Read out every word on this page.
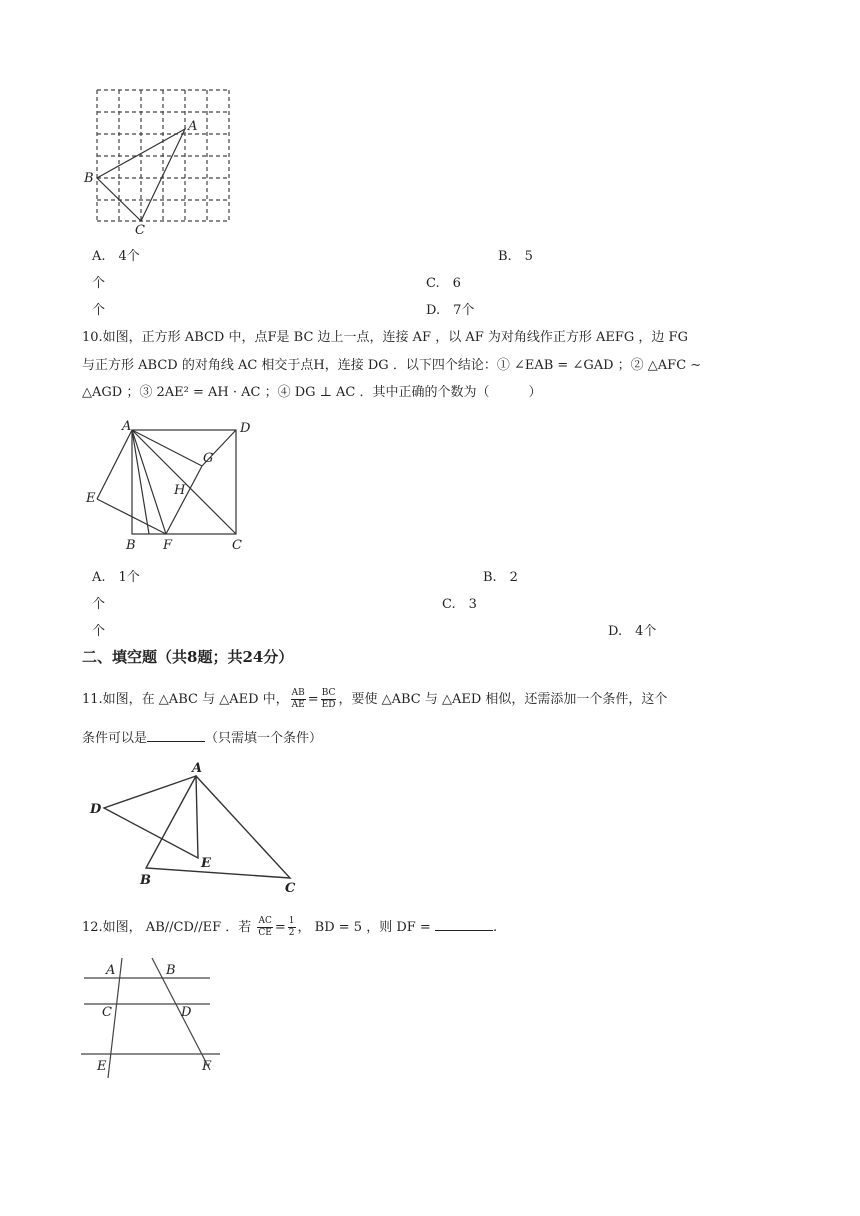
A
B
C
A.　4个	B.　5
个	C.　6
个	D.　7个
10.如图，正方形 ABCD 中，点F是 BC 边上一点，连接 AF ，以 AF 为对角线作正方形 AEFG ，边 FG
与正方形 ABCD 的对角线 AC 相交于点H，连接 DG ．以下四个结论：① ∠EAB = ∠GAD ；② △AFC ∼
△AGD ；③ 2AE² = AH · AC ；④ DG ⊥ AC ．其中正确的个数为（　　　）
A	D
G
H
E
B F	C
A.　1个	B.　2
个	C.　3
个	D.　4个
二、填空题（共8题；共24分）
11.如图，在 △ABC 与 △AED 中， $\frac{AB}{AE} = \frac{BC}{ED}$ ，要使 △ABC 与 △AED 相似，还需添加一个条件，这个
条件可以是	（只需填一个条件）
A
D
E
B
C
12.如图， AB//CD//EF ．若 $\frac{AC}{CE} = \frac{1}{2}$ ， BD = 5 ，则 DF =	.
A	B
C	D
E	F
